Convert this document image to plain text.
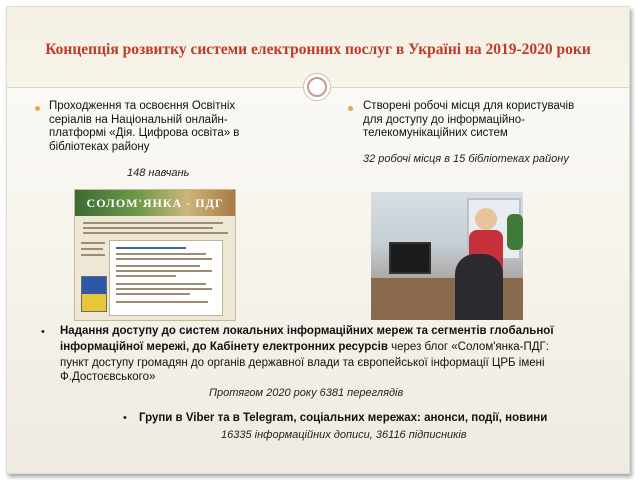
Концепція розвитку системи електронних послуг в Україні на 2019-2020 роки
Проходження та освоєння Освітніх
серіалів на Національній онлайн-
платформі «Дія. Цифрова освіта» в
бібліотеках району
148 навчань
СОЛОМ'ЯНКА - ПДГ
Створені робочі місця для користувачів
для доступу до інформаційно-
телекомунікаційних систем
32 робочі місця в 15 бібліотеках району
• Надання доступу до систем локальних інформаційних мереж та сегментів глобальної
інформаційної мережі, до Кабінету електронних ресурсів через блог «Солом'янка-ПДГ:
пункт доступу громадян до органів державної влади та європейської інформації ЦРБ імені
Ф.Достоєвського»
Протягом 2020 року 6381 переглядів
• Групи в Viber та в Telegram, соціальних мережах: анонси, події, новини
16335 інформаційних дописи, 36116 підписників
